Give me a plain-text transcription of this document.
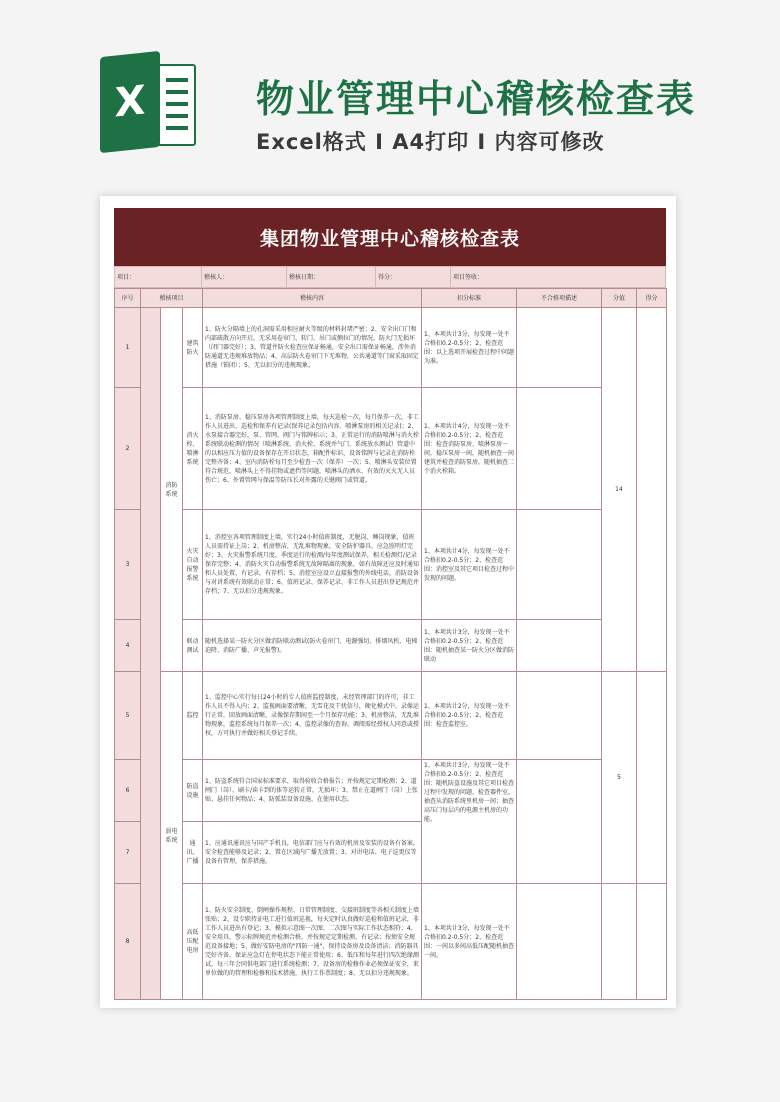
X	物业管理中心稽核检查表
Excel格式 I A4打印 I 内容可修改
集团物业管理中心稽核检查表
项目：	稽核人：	稽核日期：	得分：	项目签收：
序号	稽核项目			稽核内容	扣分标准	不合格项描述	分值	得分
1		消防系统	建筑防火	1、防火分隔墙上的孔洞需采用相应耐火等级的材料封堵严密；2、安全出口门和内部疏散方向开启，无采用卷帘门、转门、吊门或侧拉门的情况，防火门无损坏（闭门器完好）；3、管道井防火检查应保证畅通，安全出口需保证畅通，涉外消防通道无违规堆放物品；4、高层防火卷帘门下无堆物，公共通道等门窗采取固定措施（锁闭）；5、无以扣分的违规现象。	1、本项共计3分，每发现一处不合格扣0.2-0.5分；2、检查范围：以上选项开展检查过程中问题为准。		14	
2			消火栓、喷淋系统	1、消防泵房、稳压泵房各项管理制度上墙，每天巡检一次，每月保养一次，非工作人员进出、巡检和保养有记录(保养记录包括内容、喷淋泵房的相关记录)；2、水泵接合器完好，泵、管网、阀门与铭牌标示；3、正常运行的消防喷淋与消火栓系统联动检测的情况（喷淋系统、消火栓、系统并气门、系统放水测试）管道中的以相应压力值的设备保存在开启状态，箱配件标识、设备铭牌与记录在消防栓完整齐备；4、室内消防栓每月至少检查一次（保养）一次；5、喷淋头安装位置符合规范，喷淋头上不得挂物或遮挡等问题，喷淋头的洒水、有效的灭火无人员伤亡；6、外置管网与保温等防压长对外露的关键阀门或管道。	1、本项共计4分，每发现一处不合格扣0.2-0.5分；2、检查范围：检查消防泵房、喷淋泵房一间，稳压泵房一间，随机抽查一间建筑并检查消防泵房，随机抽查二个消火栓箱。			
3			火灾自动报警系统	1、消控室各项管理制度上墙，实行24小时值班制度，无脱岗、睡岗现象，值班人员需持证上岗；2、机房整洁，无乱堆物现象，安全防护器具、应急照明灯完好；3、火灾报警系统月度、季度运行的检测/每年度测试保养，相关检测灯/记录保存完整；4、消防火灾自动报警系统无故障隔离的现象，如有故障还应及时通知和人员处置，有记录，有存档；5、消控室应设立直接报警的外线电话，消防设备与对讲系统有效联动正常；6、值班记录、保养记录、非工作人员进出登记规范并存档；7、无以扣分违规现象。	1、本项共计4分，每发现一处不合格扣0.2-0.5分；2、检查范围：消控室及其它项目检查过程中发现的问题。			
4			联动测试	随机选择某一防火分区做消防联动测试(防火卷帘门、电源强切、排烟风机、电梯迫降、消防广播、声光报警)。	1、本项共计3分，每发现一处不合格扣0.2-0.5分；2、检查范围：随机抽查某一防火分区做消防联动			
5		弱电系统	监控	1、监控中心实行每日24小时的专人值班监控制度，未经管理部门的许可，非工作人员不得入内；2、监视画面要清晰，无雪花及干扰信号，硬化模式中、录像运行正常，回放画面清晰，录像保存期间至一个月保存功能；3、机房整洁，无乱堆物现象，监控系统每月保养一次；4、监控录像的查询、调阅需经授权人同意或授权，方可执行并做好相关登记手续。	1、本项共计2分，每发现一处不合格扣0.2-0.5分；2、检查范围：检查监控室。		5	
6			防盗设施	1、防盗系统符合国家标准要求，取得验收合格报告；并按规定定期检测；2、道闸门（岗）、刷卡/读卡到的体等运转正常，无损坏；3、禁止在道闸门（岗）上张贴、悬挂任何物品；4、防弧装设备设施、在使用状态。	1、本项共计3分，每发现一处不合格扣0.2-0.5分；2、检查范围：随机防盗设施及其它项目检查过程中发现的问题，检查器件室，抽查从消防系统里机房一间；抽查高压门每层内的电源主机房的功能。			
7			通讯、广播	1、应通讯通讯应与国产手机良，电信部门应与有效的机房及安装的设备有备案，安全检查能够及记录；2、置在区域内广播无放置；3、对讲电话、电子巡更仪等设备有管理，保养措施。				
8			高低压配电房	1、防火安全制度、倒闸操作规程、日常管理制度、交接班制度等各相关制度上墙张贴；2、设专职持证电工进行值班巡视，每天定时认真做好巡检和值班记录，非工作人员进出有登记；3、模拟示意图一次图、二次图与实际工作状态相符；4、安全用具、警示标牌规范并检测合格，并按规定定期检测、有记录；按须安全规范设备接地；5、做好安防电房的"四防一通"，保持设备房及设备清洁；消防器具完好齐备，保证应急灯在停电状态下能正常使用；6、低压和每年进行四次绝缘测试，每三年会同供电部门进行系统检测；7、设备房的检修作业必须保证安全，来单位做的的管理和检修和技术措施，执行工作票制度；8、无以扣分违规现象。	1、本项共计3分，每发现一处不合格扣0.2-0.5分；2、检查范围：一间以多间高低压配随机抽查一间。			
